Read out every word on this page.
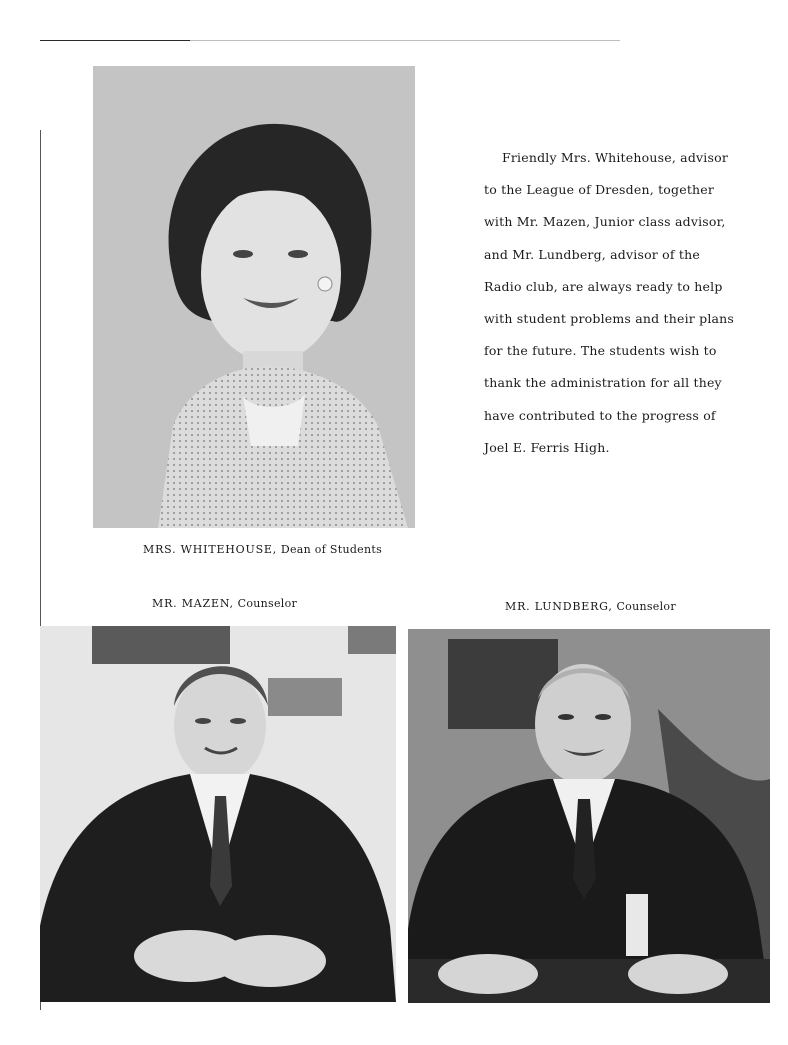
Friendly Mrs. Whitehouse, advisor
to the League of Dresden, together
with Mr. Mazen, Junior class advisor,
and Mr. Lundberg, advisor of the
Radio club, are always ready to help
with student problems and their plans
for the future. The students wish to
thank the administration for all they
have contributed to the progress of
Joel E. Ferris High.
MRS. WHITEHOUSE, Dean of Students
MR. MAZEN, Counselor	MR. LUNDBERG, Counselor
